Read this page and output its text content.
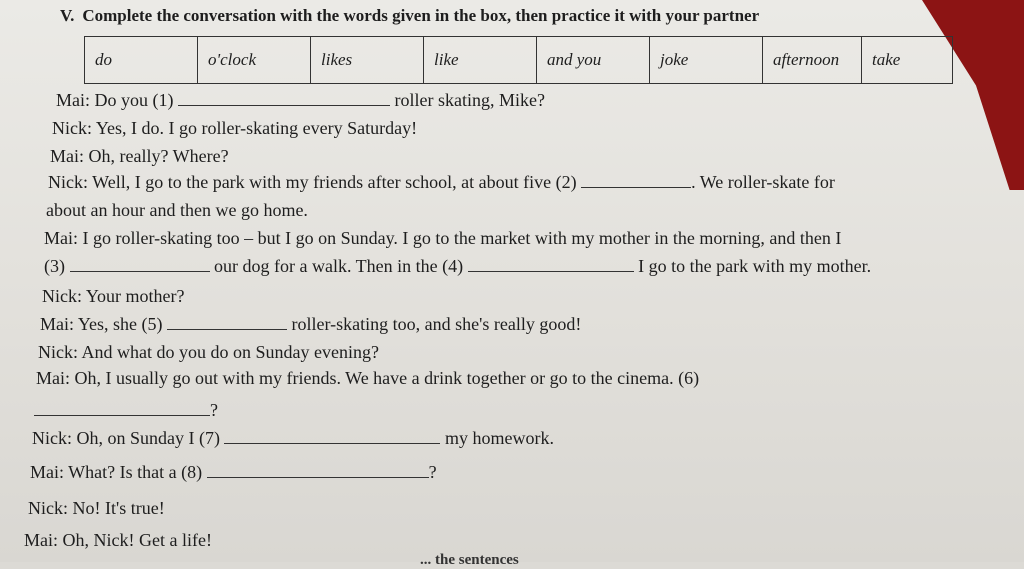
V. Complete the conversation with the words given in the box, then practice it with your partner
do	o'clock	likes	like	and you	joke	afternoon	take
Mai: Do you (1)	roller skating, Mike?
Nick: Yes, I do. I go roller-skating every Saturday!
Mai: Oh, really? Where?
Nick: Well, I go to the park with my friends after school, at about five (2)	. We roller-skate for
about an hour and then we go home.
Mai: I go roller-skating too – but I go on Sunday. I go to the market with my mother in the morning, and then I
(3)	our dog for a walk. Then in the (4)	I go to the park with my mother.
Nick: Your mother?
Mai: Yes, she (5)	roller-skating too, and she's really good!
Nick: And what do you do on Sunday evening?
Mai: Oh, I usually go out with my friends. We have a drink together or go to the cinema. (6)
?
Nick: Oh, on Sunday I (7)	my homework.
Mai: What? Is that a (8)	?
Nick: No! It's true!
Mai: Oh, Nick! Get a life!
... the sentences
